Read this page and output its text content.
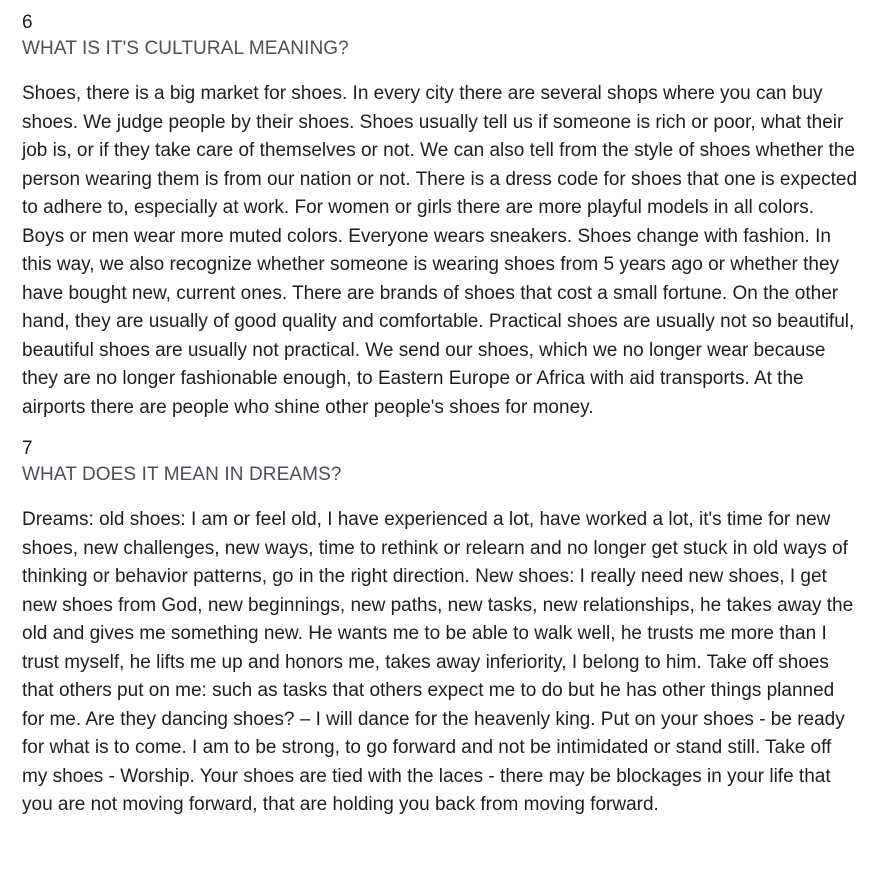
6
WHAT IS IT'S CULTURAL MEANING?

Shoes, there is a big market for shoes. In every city there are several shops where you can buy shoes. We judge people by their shoes. Shoes usually tell us if someone is rich or poor, what their job is, or if they take care of themselves or not. We can also tell from the style of shoes whether the person wearing them is from our nation or not. There is a dress code for shoes that one is expected to adhere to, especially at work. For women or girls there are more playful models in all colors. Boys or men wear more muted colors. Everyone wears sneakers. Shoes change with fashion. In this way, we also recognize whether someone is wearing shoes from 5 years ago or whether they have bought new, current ones. There are brands of shoes that cost a small fortune. On the other hand, they are usually of good quality and comfortable. Practical shoes are usually not so beautiful, beautiful shoes are usually not practical. We send our shoes, which we no longer wear because they are no longer fashionable enough, to Eastern Europe or Africa with aid transports. At the airports there are people who shine other people's shoes for money.

7
WHAT DOES IT MEAN IN DREAMS?

Dreams: old shoes: I am or feel old, I have experienced a lot, have worked a lot, it's time for new shoes, new challenges, new ways, time to rethink or relearn and no longer get stuck in old ways of thinking or behavior patterns, go in the right direction. New shoes: I really need new shoes, I get new shoes from God, new beginnings, new paths, new tasks, new relationships, he takes away the old and gives me something new. He wants me to be able to walk well, he trusts me more than I trust myself, he lifts me up and honors me, takes away inferiority, I belong to him. Take off shoes that others put on me: such as tasks that others expect me to do but he has other things planned for me. Are they dancing shoes? – I will dance for the heavenly king. Put on your shoes - be ready for what is to come. I am to be strong, to go forward and not be intimidated or stand still. Take off my shoes - Worship. Your shoes are tied with the laces - there may be blockages in your life that you are not moving forward, that are holding you back from moving forward.
